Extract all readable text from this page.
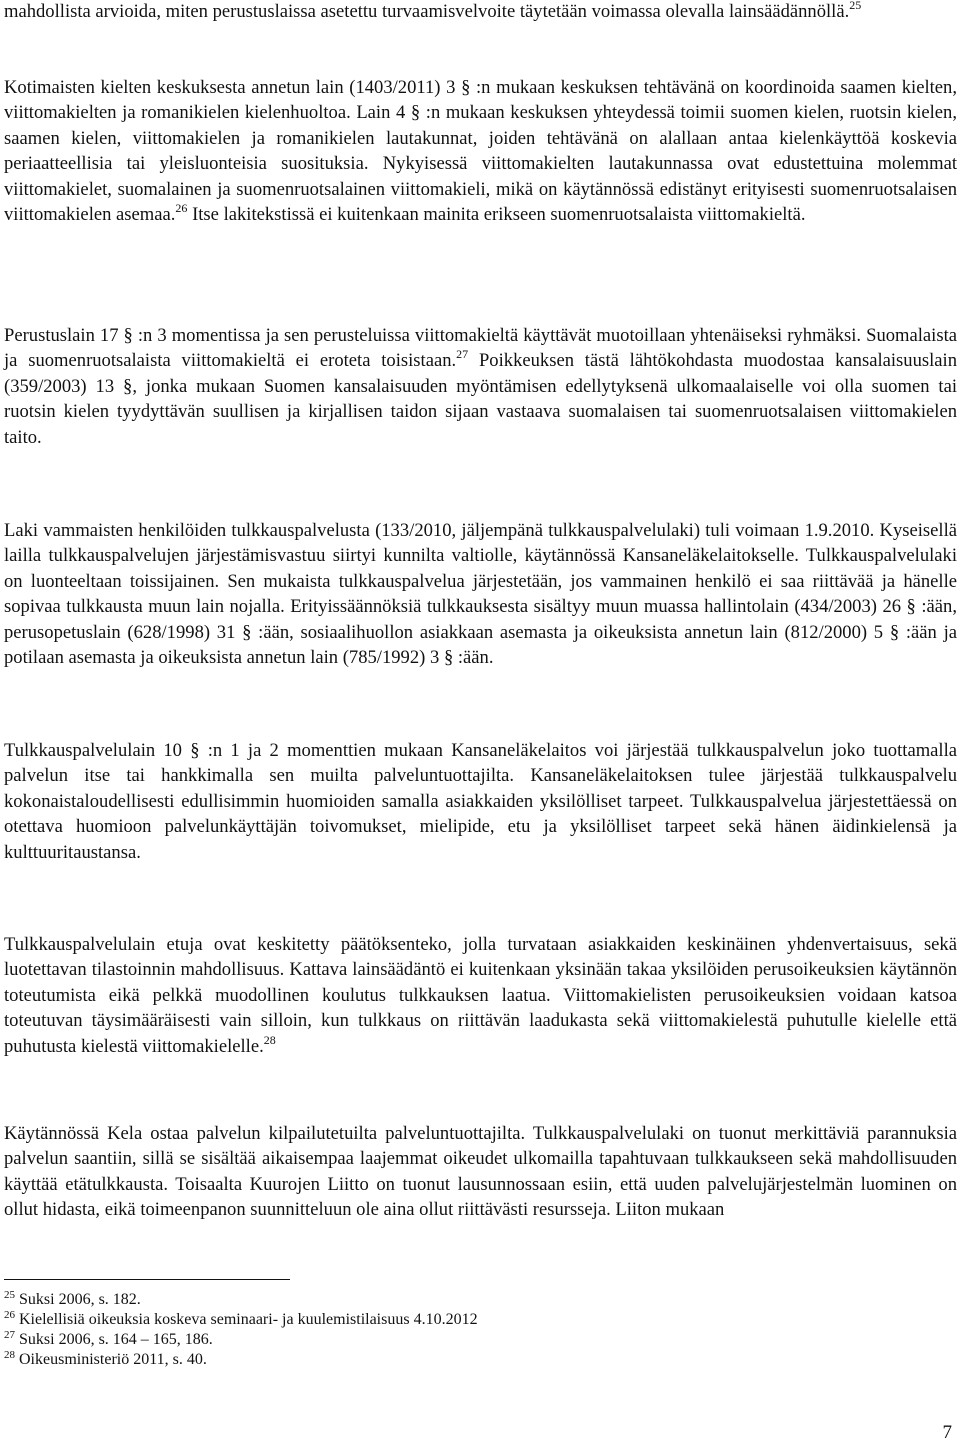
mahdollista arvioida, miten perustuslaissa asetettu turvaamisvelvoite täytetään voimassa olevalla lainsäädännöllä.$^{25}$

Kotimaisten kielten keskuksesta annetun lain (1403/2011) 3 § :n mukaan keskuksen tehtävänä on koordinoida saamen kielten, viittomakielten ja romanikielen kielenhuoltoa. Lain 4 § :n mukaan keskuksen yhteydessä toimii suomen kielen, ruotsin kielen, saamen kielen, viittomakielen ja romanikielen lautakunnat, joiden tehtävänä on alallaan antaa kielenkäyttöä koskevia periaatteellisia tai yleisluonteisia suosituksia. Nykyisessä viittomakielten lautakunnassa ovat edustettuina molemmat viittomakielet, suomalainen ja suomenruotsalainen viittomakieli, mikä on käytännössä edistänyt erityisesti suomenruotsalaisen viittomakielen asemaa.$^{26}$ Itse lakitekstissä ei kuitenkaan mainita erikseen suomenruotsalaista viittomakieltä.

Perustuslain 17 § :n 3 momentissa ja sen perusteluissa viittomakieltä käyttävät muotoillaan yhtenäiseksi ryhmäksi. Suomalaista ja suomenruotsalaista viittomakieltä ei eroteta toisistaan.$^{27}$ Poikkeuksen tästä lähtökohdasta muodostaa kansalaisuuslain (359/2003) 13 §, jonka mukaan Suomen kansalaisuuden myöntämisen edellytyksenä ulkomaalaiselle voi olla suomen tai ruotsin kielen tyydyttävän suullisen ja kirjallisen taidon sijaan vastaava suomalaisen tai suomenruotsalaisen viittomakielen taito.

Laki vammaisten henkilöiden tulkkauspalvelusta (133/2010, jäljempänä tulkkauspalvelulaki) tuli voimaan 1.9.2010. Kyseisellä lailla tulkkauspalvelujen järjestämisvastuu siirtyi kunnilta valtiolle, käytännössä Kansaneläkelaitokselle. Tulkkauspalvelulaki on luonteeltaan toissijainen. Sen mukaista tulkkauspalvelua järjestetään, jos vammainen henkilö ei saa riittävää ja hänelle sopivaa tulkkausta muun lain nojalla. Erityissäännöksiä tulkkauksesta sisältyy muun muassa hallintolain (434/2003) 26 § :ään, perusopetuslain (628/1998) 31 § :ään, sosiaalihuollon asiakkaan asemasta ja oikeuksista annetun lain (812/2000) 5 § :ään ja potilaan asemasta ja oikeuksista annetun lain (785/1992) 3 § :ään.

Tulkkauspalvelulain 10 § :n 1 ja 2 momenttien mukaan Kansaneläkelaitos voi järjestää tulkkauspalvelun joko tuottamalla palvelun itse tai hankkimalla sen muilta palveluntuottajilta. Kansaneläkelaitoksen tulee järjestää tulkkauspalvelu kokonaistaloudellisesti edullisimmin huomioiden samalla asiakkaiden yksilölliset tarpeet. Tulkkauspalvelua järjestettäessä on otettava huomioon palvelunkäyttäjän toivomukset, mielipide, etu ja yksilölliset tarpeet sekä hänen äidinkielensä ja kulttuuritaustansa.

Tulkkauspalvelulain etuja ovat keskitetty päätöksenteko, jolla turvataan asiakkaiden keskinäinen yhdenvertaisuus, sekä luotettavan tilastoinnin mahdollisuus. Kattava lainsäädäntö ei kuitenkaan yksinään takaa yksilöiden perusoikeuksien käytännön toteutumista eikä pelkkä muodollinen koulutus tulkkauksen laatua. Viittomakielisten perusoikeuksien voidaan katsoa toteutuvan täysimääräisesti vain silloin, kun tulkkaus on riittävän laadukasta sekä viittomakielestä puhutulle kielelle että puhutusta kielestä viittomakielelle.$^{28}$

Käytännössä Kela ostaa palvelun kilpailutetuilta palveluntuottajilta. Tulkkauspalvelulaki on tuonut merkittäviä parannuksia palvelun saantiin, sillä se sisältää aikaisempaa laajemmat oikeudet ulkomailla tapahtuvaan tulkkaukseen sekä mahdollisuuden käyttää etätulkkausta. Toisaalta Kuurojen Liitto on tuonut lausunnossaan esiin, että uuden palvelujärjestelmän luominen on ollut hidasta, eikä toimeenpanon suunnitteluun ole aina ollut riittävästi resursseja. Liiton mukaan

$^{25}$ Suksi 2006, s. 182.

$^{26}$ Kielellisiä oikeuksia koskeva seminaari- ja kuulemistilaisuus 4.10.2012

$^{27}$ Suksi 2006, s. 164 – 165, 186.

$^{28}$ Oikeusministeriö 2011, s. 40.

7
